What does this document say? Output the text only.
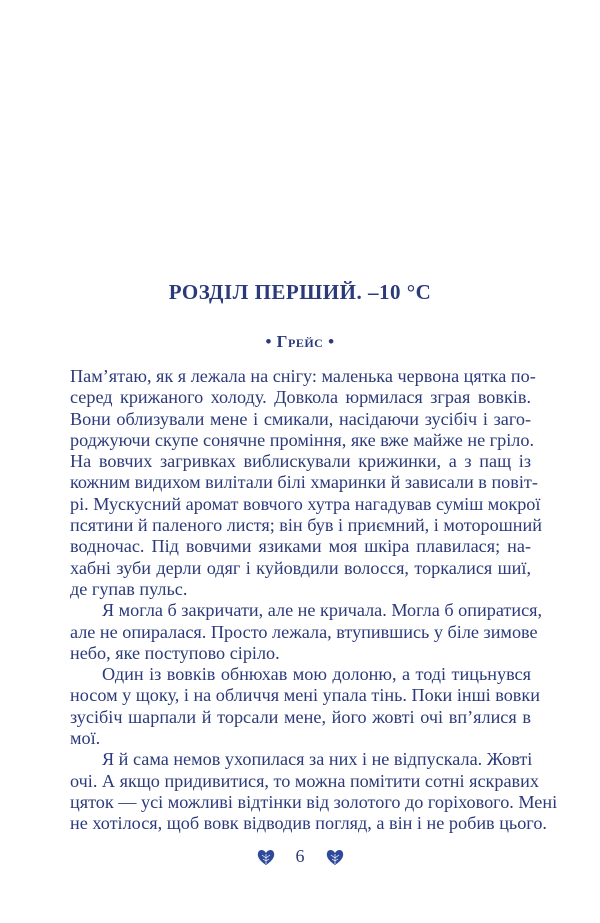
РОЗДІЛ ПЕРШИЙ. –10 °C
• Грейс •
Пам’ятаю, як я лежала на снігу: маленька червона цятка по-
серед крижаного холоду. Довкола юрмилася зграя вовків.
Вони облизували мене і смикали, насідаючи зусібіч і заго-
роджуючи скупе сонячне проміння, яке вже майже не гріло.
На вовчих загривках виблискували крижинки, а з пащ із
кожним видихом вилітали білі хмаринки й зависали в повіт-
рі. Мускусний аромат вовчого хутра нагадував суміш мокрої
псятини й паленого листя; він був і приємний, і моторошний
водночас. Під вовчими язиками моя шкіра плавилася; на-
хабні зуби дерли одяг і куйовдили волосся, торкалися шиї,
де гупав пульс.
Я могла б закричати, але не кричала. Могла б опиратися,
але не опиралася. Просто лежала, втупившись у біле зимове
небо, яке поступово сіріло.
Один із вовків обнюхав мою долоню, а тоді тицьнувся
носом у щоку, і на обличчя мені упала тінь. Поки інші вовки
зусібіч шарпали й торсали мене, його жовті очі вп’ялися в
мої.
Я й сама немов ухопилася за них і не відпускала. Жовті
очі. А якщо придивитися, то можна помітити сотні яскравих
цяток — усі можливі відтінки від золотого до горіхового. Мені
не хотілося, щоб вовк відводив погляд, а він і не робив цього.
6
